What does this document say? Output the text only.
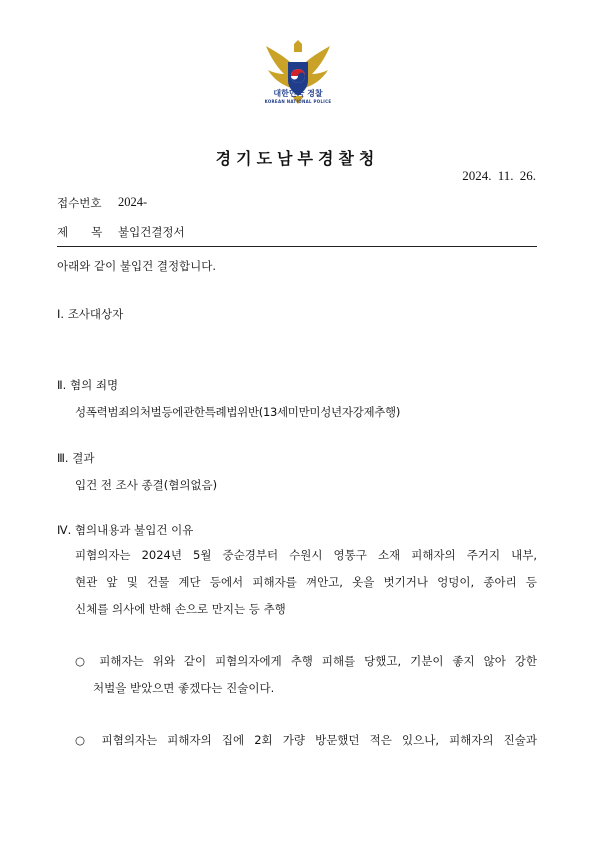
대한민국 경찰
KOREAN NATIONAL POLICE
경기도남부경찰청
2024. 11. 26.
접수번호 2024-
제　　목 불입건결정서
아래와 같이 불입건 결정합니다.
Ⅰ. 조사대상자
Ⅱ. 혐의 죄명
성폭력범죄의처벌등에관한특례법위반(13세미만미성년자강제추행)
Ⅲ. 결과
입건 전 조사 종결(혐의없음)
Ⅳ. 혐의내용과 불입건 이유
피혐의자는 2024년 5월 중순경부터 수원시 영통구 소재 피해자의 주거지 내부,
현관 앞 및 건물 계단 등에서 피해자를 껴안고, 옷을 벗기거나 엉덩이, 종아리 등
신체를 의사에 반해 손으로 만지는 등 추행
○ 피해자는 위와 같이 피혐의자에게 추행 피해를 당했고, 기분이 좋지 않아 강한
처벌을 받았으면 좋겠다는 진술이다.
○ 피혐의자는 피해자의 집에 2회 가량 방문했던 적은 있으나, 피해자의 진술과
